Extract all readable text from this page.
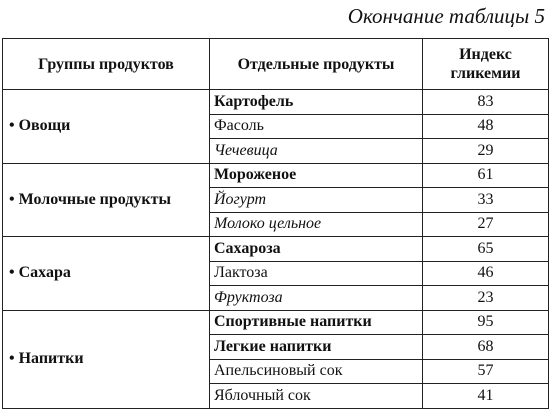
Окончание таблицы 5
Группы продуктов	Отдельные продукты	Индекс
гликемии

• Овощи	Картофель	83
	Фасоль	48
	Чечевица	29
• Молочные продукты	Мороженое	61
	Йогурт	33
	Молоко цельное	27
• Сахара	Сахароза	65
	Лактоза	46
	Фруктоза	23
• Напитки	Спортивные напитки	95
	Легкие напитки	68
	Апельсиновый сок	57
	Яблочный сок	41
